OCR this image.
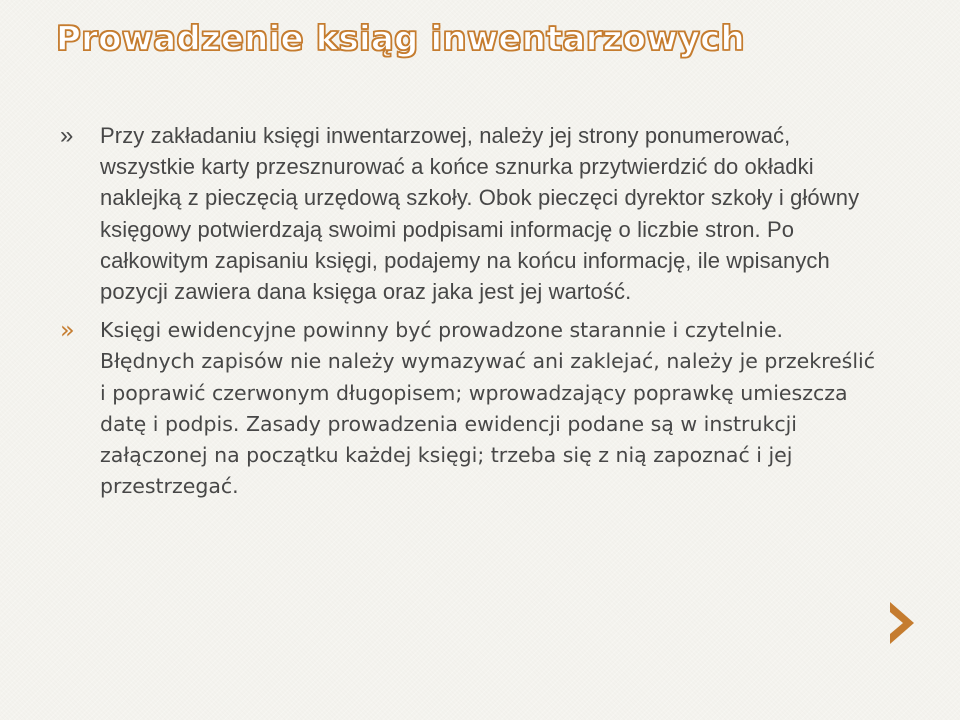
Prowadzenie ksiąg inwentarzowych

» Przy zakładaniu księgi inwentarzowej, należy jej strony ponumerować, wszystkie karty przesznurować a końce sznurka przytwierdzić do okładki naklejką z pieczęcią urzędową szkoły. Obok pieczęci dyrektor szkoły i główny księgowy potwierdzają swoimi podpisami informację o liczbie stron. Po całkowitym zapisaniu księgi, podajemy na końcu informację, ile wpisanych pozycji zawiera dana księga oraz jaka jest jej wartość.

» Księgi ewidencyjne powinny być prowadzone starannie i czytelnie. Błędnych zapisów nie należy wymazywać ani zaklejać, należy je przekreślić i poprawić czerwonym długopisem; wprowadzający poprawkę umieszcza datę i podpis. Zasady prowadzenia ewidencji podane są w instrukcji załączonej na początku każdej księgi; trzeba się z nią zapoznać i jej przestrzegać.
